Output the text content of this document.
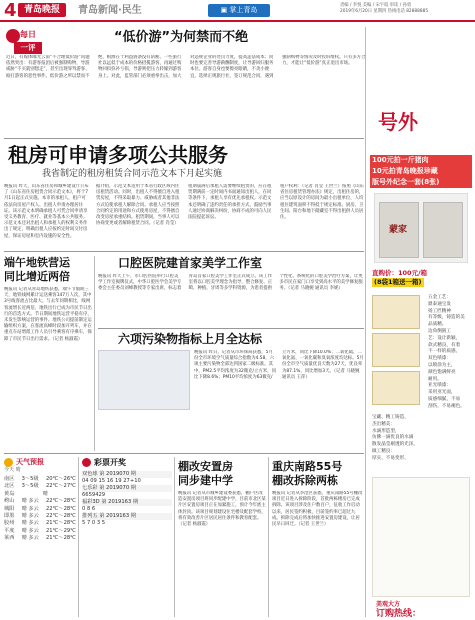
4 青岛晚报	青岛新闻·民生	▣ 掌上青岛
责编 / 李悦 美编 / 宋宇皎 审读 / 孙勇
2019年6月20日 星期四 热线电话 82888885
每日
一评
“低价游”为何禁而不绝
近日，有媒体曝光云南“不合理低价游”问题依然突出：有游客报团后被强制购物，导游威胁“不买就别想走”，甚至出现辱骂游客、殴打游客的恶性事件。低价游之所以禁而不绝，根源在于利益链条没有斩断。一些旅行社以远低于成本的价格招揽游客，再通过购物回扣弥补亏损，导游则把压力转嫁到游客身上。对此，监管部门必须重拳出击，加大对违规企业的处罚力度，提高违法成本；同时也要完善导游薪酬制度，让导游回归服务本位。游客自身也要擦亮眼睛，不贪小便宜，选择正规旅行社，签订规范合同，遇到强制购物等情况及时投诉维权。只有多方合力，才能让“低价游”真正退出市场。
号外
100元拍一斤猪肉
10元拍青岛晚报珍藏
版号外纪念一套(8张)
蒙家
直购价：100元/箱
(8袋1箱送一箱)
五金工艺：
鼎泰通宝发
扬工匠精神
有等级，铸造的美
品质精。
边角倒圆工
艺：设计新颖，
款式精良，有着
不一样的质感。
双色喷漆：
以喷涂为主，
颜色饱满鲜亮
耐用。
亚光喷漆：
采用亚光面，
质感细腻，不易
刮伤，不易褪色。
宝藏、精工铸造、
杰出精美：
水滴形造型，
仿佛一滴优良的水滴
散发晶莹剔透的光泽。
做工精良：
厚实、不易变形、
美观大方
订购热线：
租房可申请多项公共服务
我省制定的租房租赁合同示范文本下月起实施
晚报讯 昨天，山东省住房和城乡建设厅公布了《山东省住房租赁合同示范文本》，将于7月1日起正式实施。本市的承租人，租户可依法向房屋产权人、出租人申请办理居住证。该示范文本明确承租人可凭合同申请享受义务教育、医疗、就业等基本公共服务。示范文本还对出租人和承租人的权利义务作出了规定，明确出租人应按约定时间交付房屋，保证房屋和室内设施的安全性。
据介绍，示范文本适用于本省行政区域内住房租赁活动。同时，出租人不得擅自进入租赁房屋，不得采取暴力、威胁或者其他非法方式迫使承租人解除合同。承租人应当按照合同约定的用途和方式使用房屋，不得擅自改变房屋承重结构。租赁期间，当事人可以协商变更或者解除租赁合同。（记者 肖莹）
租期届满后承租人需要继续租赁的，应在租赁期满前一定时间内书面通知出租人，在同等条件下，承租人享有优先承租权。示范文本还明确了违约责任的承担方式，鼓励当事人通过协商解决纠纷，协商不成的可向人民法院提起诉讼。
租户权利：（记者 肖莹 王世兰）按照《山东省住房租赁管理办法》规定，出租住房的，应当以原设计的房间为最小出租单位，人均租住建筑面积不得低于规定标准。厨房、卫生间、阳台和地下储藏室不得出租供人员居住。
端午地铁营运
同比增近两倍
晚报讯 记者从青岛地铁获悉，端午节假期三天，地铁线网累计运送乘客147万人次，其中3号线客流占比最大。与去年同期相比，线网客流增长近两倍，地铁出行已成为市民节日出行的首选方式。节日期间地铁运营平稳有序，未发生影响运营的事件。地铁公司提前制定运输组织方案，在客流高峰时段加开列车，并在重点车站增派工作人员引导乘客有序乘车，保障了市民节日出行需求。（记者 杨淑霞）
口腔医院建首家美学工作室
晚报讯 昨天上午，市口腔医院举行口腔美学工作室揭牌仪式，中华口腔医学会美学专委会主任委员刘峰教授等专家出席，标志着青岛首家口腔美学工作室正式成立。该工作室将以口腔美学理念为指导，整合修复、正畸、种植、牙周等多学科资源，为患者提供个性化、系统化的口腔美学治疗方案，让更多市民在家门口享受到高水平的美学修复服务。（记者 马晓婉 通讯员 李妮）
六项污染物指标上月全达标
晚报讯 昨日，记者从市环保局获悉，5月份全市环境空气质量综合指数为4.58，六项主要污染物全部达到国家二级标准。其中，PM2.5平均浓度为32微克/立方米，同比下降8.6%；PM10平均浓度为63微克/立方米，同比下降10.0%；二氧化硫、二氧化氮、一氧化碳和臭氧浓度均达标。5月份全市空气质量优良天数为27天，优良率为87.1%，同比增加3天。（记者 马晓婉 通讯员 王萍）
天气预报
今天 晴
南区 3～5级 20℃～26℃
北区 3～5级 22℃～27℃
黄岛	晴
崂山 晴 多云 22℃～28℃
城阳 晴 多云 22℃～28℃
即墨 晴 多云 22℃～28℃
胶州 晴 多云 21℃～28℃
平度 晴 多云 21℃～29℃
莱西 晴 多云 21℃～28℃
彩票开奖
双色球 第 2019070 期
04 09 15 16 19 27+10
七乐彩 第 2019070 期
6659429
福彩3D 第 2019163 期
0 8 6
排列五 第 2019163 期
5 7 0 3 5
棚改安置房
同步建中学
晚报讯 记者从市城乡建设委获悉，棚户区改造安置房项目将同步配建中学，目前市北区某片区安置房项目正在加紧施工，预计今年底主体封顶。该项目规划建设住宅楼及配套学校，将有效改善片区居民居住条件和教育配套。（记者 杨淑霞）
重庆南路55号
棚改拆除两栋
晚报讯 记者从李沧区获悉，重庆南路55号棚改项目近日进入拆除阶段，首批两栋楼房已完成拆除。该项目涉及住户数百户，征收工作启动以来，居民签约积极，目前签约率已超过九成。拆除完成后将加快推进安置房建设，让居民早日回迁。（记者 王世兰）
